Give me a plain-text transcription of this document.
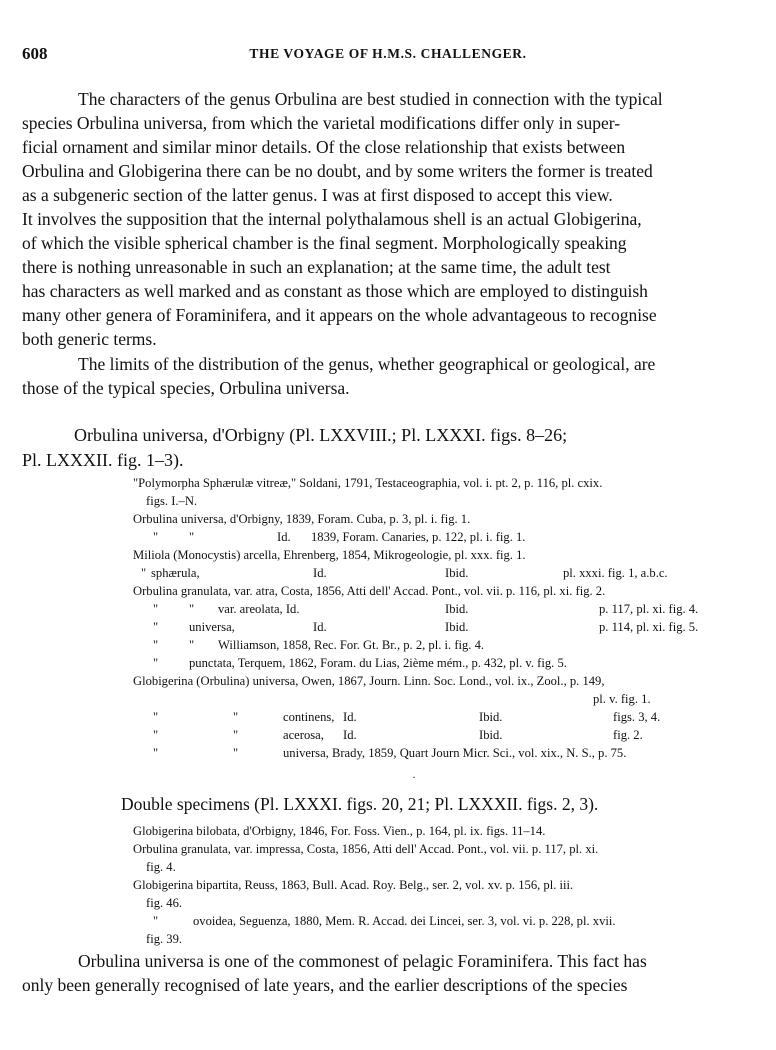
608	THE VOYAGE OF H.M.S. CHALLENGER.
The characters of the genus Orbulina are best studied in connection with the typical
species Orbulina universa, from which the varietal modifications differ only in super-
ficial ornament and similar minor details. Of the close relationship that exists between
Orbulina and Globigerina there can be no doubt, and by some writers the former is treated
as a subgeneric section of the latter genus. I was at first disposed to accept this view.
It involves the supposition that the internal polythalamous shell is an actual Globigerina,
of which the visible spherical chamber is the final segment. Morphologically speaking
there is nothing unreasonable in such an explanation; at the same time, the adult test
has characters as well marked and as constant as those which are employed to distinguish
many other genera of Foraminifera, and it appears on the whole advantageous to recognise
both generic terms.
The limits of the distribution of the genus, whether geographical or geological, are
those of the typical species, Orbulina universa.
Orbulina universa, d'Orbigny (Pl. LXXVIII.; Pl. LXXXI. figs. 8–26;
Pl. LXXXII. fig. 1–3).
"Polymorpha Sphærulæ vitreæ," Soldani, 1791, Testaceographia, vol. i. pt. 2, p. 116, pl. cxix.
figs. I.–N.
Orbulina universa, d'Orbigny, 1839, Foram. Cuba, p. 3, pl. i. fig. 1.
" "	Id. 1839, Foram. Canaries, p. 122, pl. i. fig. 1.
Miliola (Monocystis) arcella, Ehrenberg, 1854, Mikrogeologie, pl. xxx. fig. 1.
" sphærula,	Id.	Ibid.	pl. xxxi. fig. 1, a.b.c.
Orbulina granulata, var. atra, Costa, 1856, Atti dell' Accad. Pont., vol. vii. p. 116, pl. xi. fig. 2.
" " var. areolata, Id.	Ibid.	p. 117, pl. xi. fig. 4.
" universa,	Id.	Ibid.	p. 114, pl. xi. fig. 5.
" " Williamson, 1858, Rec. For. Gt. Br., p. 2, pl. i. fig. 4.
" punctata, Terquem, 1862, Foram. du Lias, 2ième mém., p. 432, pl. v. fig. 5.
Globigerina (Orbulina) universa, Owen, 1867, Journ. Linn. Soc. Lond., vol. ix., Zool., p. 149,
pl. v. fig. 1.
"	"	continens, Id.	Ibid.	figs. 3, 4.
"	"	acerosa, Id.	Ibid.	fig. 2.
"	"	universa, Brady, 1859, Quart Journ Micr. Sci., vol. xix., N. S., p. 75.
·
Double specimens (Pl. LXXXI. figs. 20, 21; Pl. LXXXII. figs. 2, 3).
Globigerina bilobata, d'Orbigny, 1846, For. Foss. Vien., p. 164, pl. ix. figs. 11–14.
Orbulina granulata, var. impressa, Costa, 1856, Atti dell' Accad. Pont., vol. vii. p. 117, pl. xi.
fig. 4.
Globigerina bipartita, Reuss, 1863, Bull. Acad. Roy. Belg., ser. 2, vol. xv. p. 156, pl. iii.
fig. 46.
"	ovoidea, Seguenza, 1880, Mem. R. Accad. dei Lincei, ser. 3, vol. vi. p. 228, pl. xvii.
fig. 39.
Orbulina universa is one of the commonest of pelagic Foraminifera. This fact has
only been generally recognised of late years, and the earlier descriptions of the species
